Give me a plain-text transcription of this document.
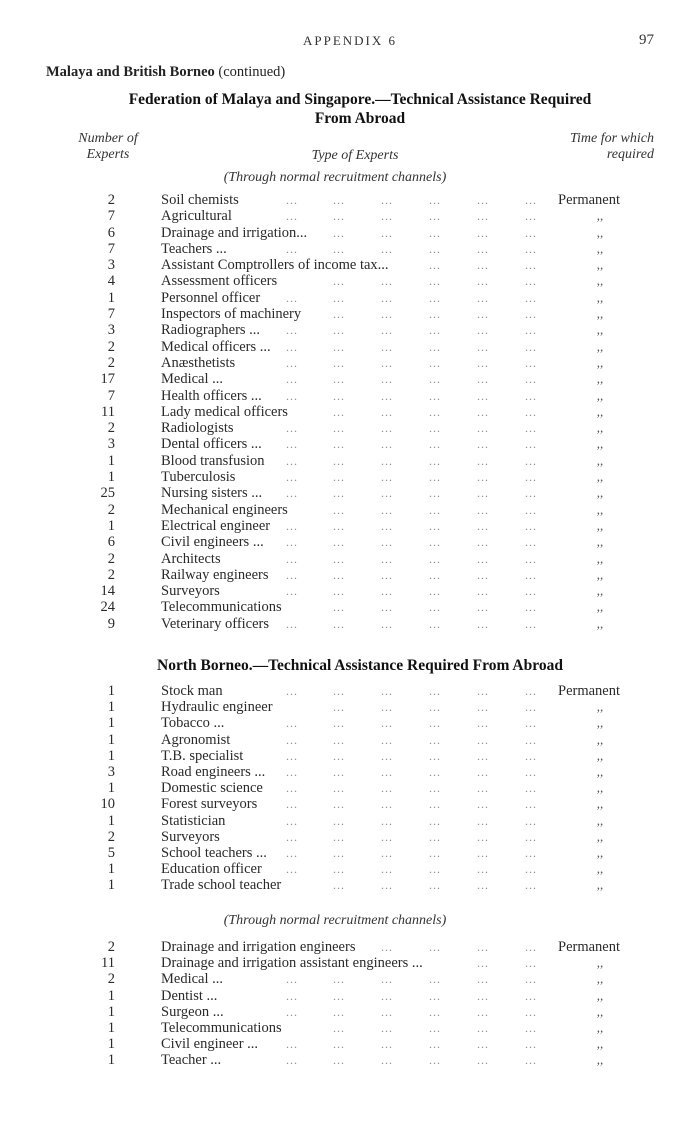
APPENDIX 6	97
Malaya and British Borneo (continued)
Federation of Malaya and Singapore.—Technical Assistance Required
From Abroad
Number of
Experts	Type of Experts
Time for which
required
(Through normal recruitment channels)
2	Soil chemists	Permanent
...	...	...	...	...	...
7	Agricultural	,,
...	...	...	...	...	...
6	Drainage and irrigation...	,,
...	...	...	...	...
7	Teachers ...	,,
...	...	...	...	...	...
3	Assistant Comptrollers of income tax...	,,
...	...	...
4	Assessment officers	,,
...	...	...	...	...
1	Personnel officer	,,
...	...	...	...	...	...
7	Inspectors of machinery	,,
...	...	...	...	...
3	Radiographers ...	,,
...	...	...	...	...	...
2	Medical officers ...	,,
...	...	...	...	...	...
2	Anæsthetists	,,
...	...	...	...	...	...
17	Medical ...	,,
...	...	...	...	...	...
7	Health officers ...	,,
...	...	...	...	...	...
11	Lady medical officers	,,
...	...	...	...	...
2	Radiologists	,,
...	...	...	...	...	...
3	Dental officers ...	,,
...	...	...	...	...	...
1	Blood transfusion	,,
...	...	...	...	...	...
1	Tuberculosis	,,
...	...	...	...	...	...
25	Nursing sisters ...	,,
...	...	...	...	...	...
2	Mechanical engineers	,,
...	...	...	...	...
1	Electrical engineer	,,
...	...	...	...	...	...
6	Civil engineers ...	,,
...	...	...	...	...	...
2	Architects	,,
...	...	...	...	...	...
2	Railway engineers	,,
...	...	...	...	...	...
14	Surveyors	,,
...	...	...	...	...	...
24	Telecommunications	,,
...	...	...	...	...
9	Veterinary officers	,,
...	...	...	...	...	...
North Borneo.—Technical Assistance Required From Abroad
1	Stock man	Permanent
...	...	...	...	...	...
1	Hydraulic engineer	,,
...	...	...	...	...
1	Tobacco ...	,,
...	...	...	...	...	...
1	Agronomist	,,
...	...	...	...	...	...
1	T.B. specialist	,,
...	...	...	...	...	...
3	Road engineers ...	,,
...	...	...	...	...	...
1	Domestic science	,,
...	...	...	...	...	...
10	Forest surveyors	,,
...	...	...	...	...	...
1	Statistician	,,
...	...	...	...	...	...
2	Surveyors	,,
...	...	...	...	...	...
5	School teachers ...	,,
...	...	...	...	...	...
1	Education officer	,,
...	...	...	...	...	...
1	Trade school teacher	,,
...	...	...	...	...
(Through normal recruitment channels)
2	Drainage and irrigation engineers	Permanent
...	...	...	...
11	Drainage and irrigation assistant engineers ...	,,
...	...
2	Medical ...	,,
...	...	...	...	...	...
1	Dentist ...	,,
...	...	...	...	...	...
1	Surgeon ...	,,
...	...	...	...	...	...
1	Telecommunications	,,
...	...	...	...	...
1	Civil engineer ...	,,
...	...	...	...	...	...
1	Teacher ...	,,
...	...	...	...	...	...
